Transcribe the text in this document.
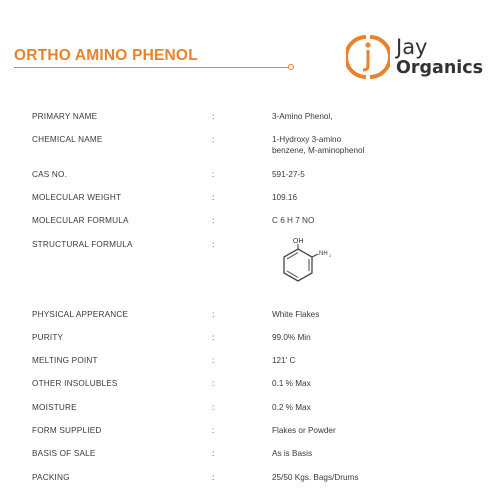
ORTHO AMINO PHENOL	Jay
Organics
PRIMARY NAME	:	3-Amino Phenol,
CHEMICAL NAME	:	1-Hydroxy 3-amino
benzene, M-aminophenol
CAS NO.	:	591-27-5
MOLECULAR WEIGHT	:	109.16
MOLECULAR FORMULA	:	C 6 H 7 NO
STRUCTURAL FORMULA	:	OH
NH 2
PHYSICAL APPERANCE	:	White Flakes
PURITY	:	99.0% Min
MELTING POINT	:	121' C
OTHER INSOLUBLES	:	0.1 % Max
MOISTURE	:	0.2 % Max
FORM SUPPLIED	:	Flakes or Powder
BASIS OF SALE	:	As is Basis
PACKING	:	25/50 Kgs. Bags/Drums
